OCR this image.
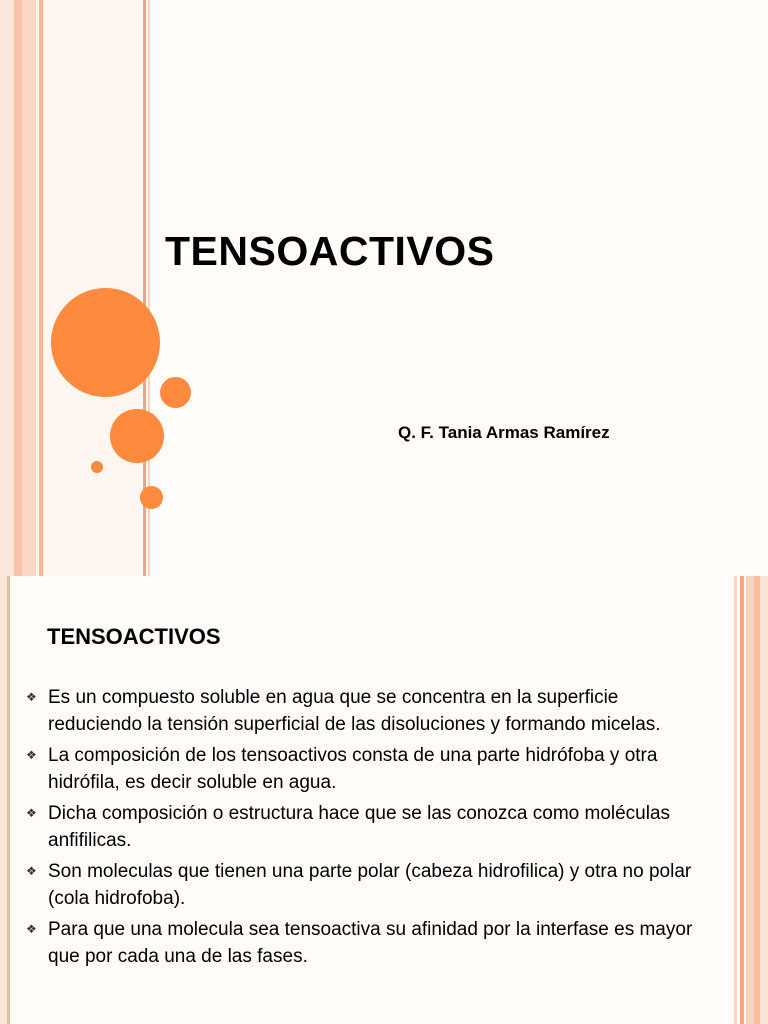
TENSOACTIVOS

Q. F. Tania Armas Ramírez

TENSOACTIVOS
❖ Es un compuesto soluble en agua que se concentra en la superficie reduciendo la tensión superficial de las disoluciones y formando micelas.
❖ La composición de los tensoactivos consta de una parte hidrófoba y otra hidrófila, es decir soluble en agua.
❖ Dicha composición o estructura hace que se las conozca como moléculas anfifilicas.
❖ Son moleculas que tienen una parte polar (cabeza hidrofilica) y otra no polar (cola hidrofoba).
❖ Para que una molecula sea tensoactiva su afinidad por la interfase es mayor que por cada una de las fases.
